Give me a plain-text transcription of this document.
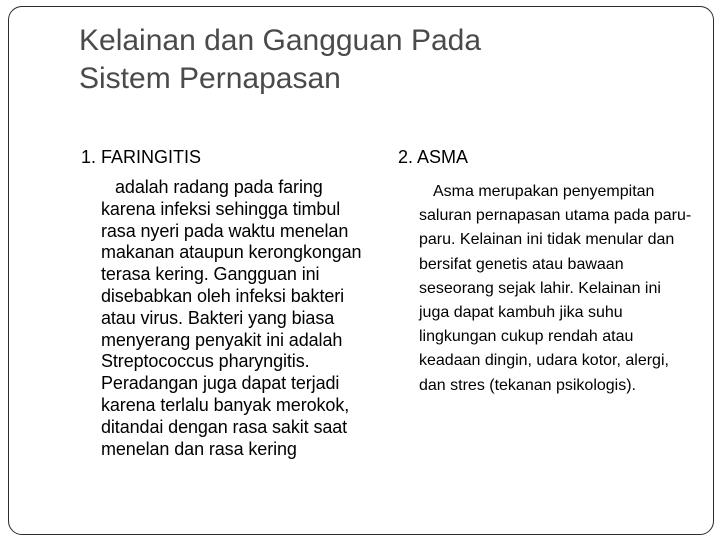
Kelainan dan Gangguan Pada
Sistem Pernapasan
1. FARINGITIS

adalah radang pada faring karena infeksi sehingga timbul rasa nyeri pada waktu menelan makanan ataupun kerongkongan terasa kering. Gangguan ini disebabkan oleh infeksi bakteri atau virus. Bakteri yang biasa menyerang penyakit ini adalah Streptococcus pharyngitis. Peradangan juga dapat terjadi karena terlalu banyak merokok, ditandai dengan rasa sakit saat menelan dan rasa kering

2. ASMA

Asma merupakan penyempitan saluran pernapasan utama pada paru-paru. Kelainan ini tidak menular dan bersifat genetis atau bawaan seseorang sejak lahir. Kelainan ini juga dapat kambuh jika suhu lingkungan cukup rendah atau keadaan dingin, udara kotor, alergi, dan stres (tekanan psikologis).
